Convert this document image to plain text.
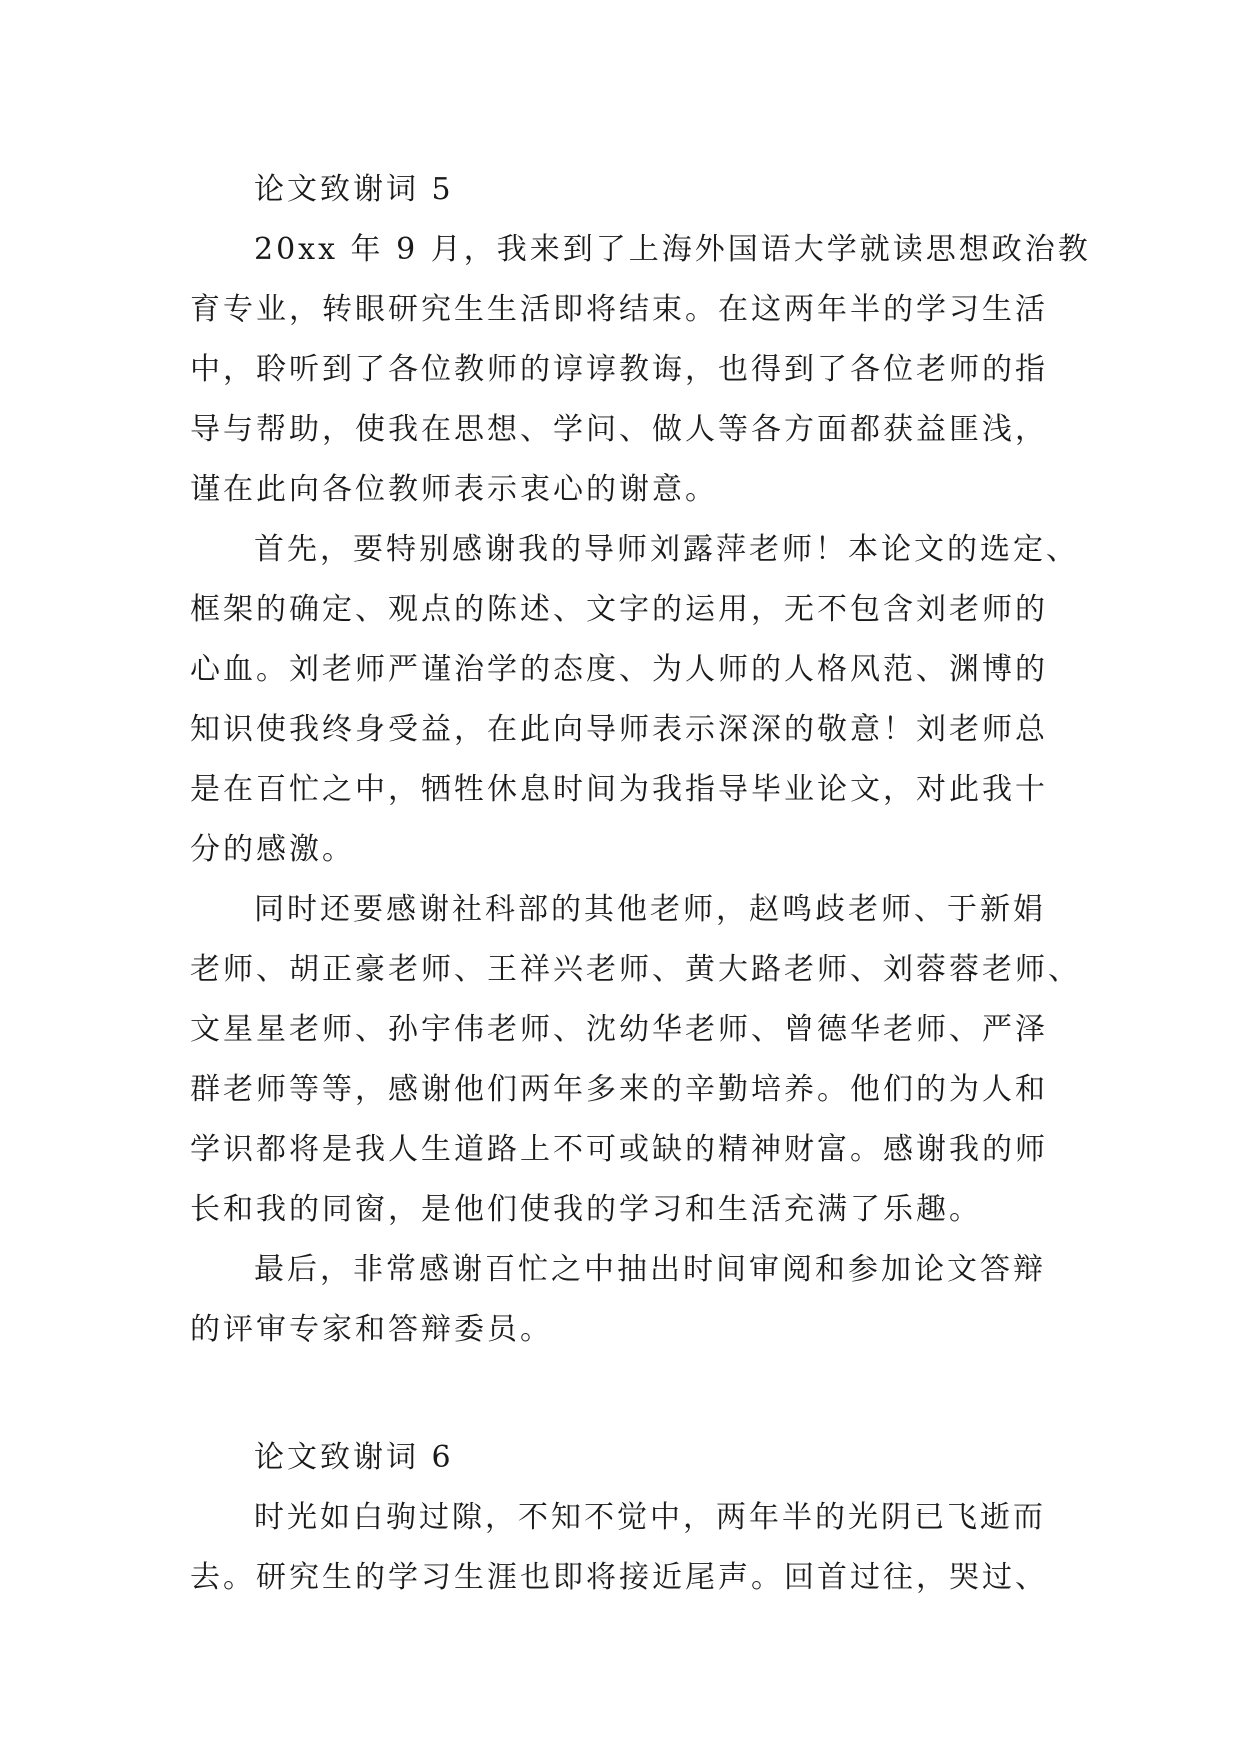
论文致谢词 5
20xx 年 9 月，我来到了上海外国语大学就读思想政治教
育专业，转眼研究生生活即将结束。在这两年半的学习生活
中，聆听到了各位教师的谆谆教诲，也得到了各位老师的指
导与帮助，使我在思想、学问、做人等各方面都获益匪浅，
谨在此向各位教师表示衷心的谢意。
首先，要特别感谢我的导师刘露萍老师！本论文的选定、
框架的确定、观点的陈述、文字的运用，无不包含刘老师的
心血。刘老师严谨治学的态度、为人师的人格风范、渊博的
知识使我终身受益，在此向导师表示深深的敬意！刘老师总
是在百忙之中，牺牲休息时间为我指导毕业论文，对此我十
分的感激。
同时还要感谢社科部的其他老师，赵鸣歧老师、于新娟
老师、胡正豪老师、王祥兴老师、黄大路老师、刘蓉蓉老师、
文星星老师、孙宇伟老师、沈幼华老师、曾德华老师、严泽
群老师等等，感谢他们两年多来的辛勤培养。他们的为人和
学识都将是我人生道路上不可或缺的精神财富。感谢我的师
长和我的同窗，是他们使我的学习和生活充满了乐趣。
最后，非常感谢百忙之中抽出时间审阅和参加论文答辩
的评审专家和答辩委员。
论文致谢词 6
时光如白驹过隙，不知不觉中，两年半的光阴已飞逝而
去。研究生的学习生涯也即将接近尾声。回首过往，哭过、
